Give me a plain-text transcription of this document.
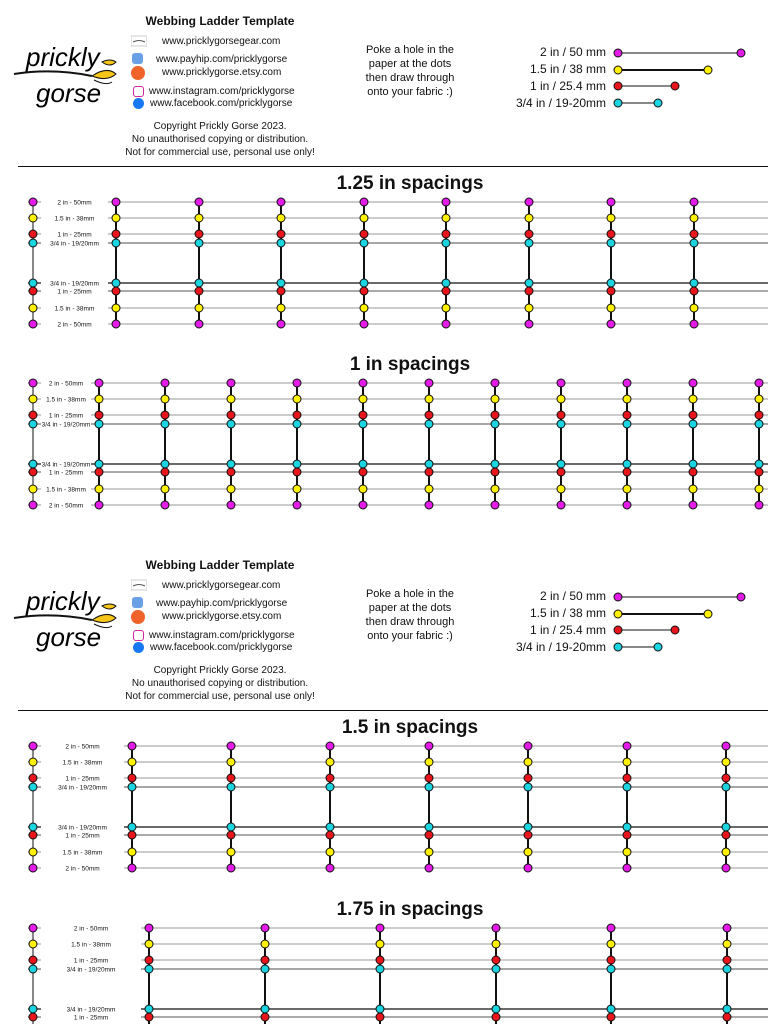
Webbing Ladder Template
prickly
gorse
www.pricklygorsegear.com
www.payhip.com/pricklygorse
www.pricklygorse.etsy.com
www.instagram.com/pricklygorse
www.facebook.com/pricklygorse
Copyright Prickly Gorse 2023.
No unauthorised copying or distribution.
Not for commercial use, personal use only!
Poke a hole in the
paper at the dots
then draw through
onto your fabric :)
2 in / 50 mm
1.5 in / 38 mm
1 in / 25.4 mm
3/4 in / 19-20mm
Webbing Ladder Template
prickly
gorse
www.pricklygorsegear.com
www.payhip.com/pricklygorse
www.pricklygorse.etsy.com
www.instagram.com/pricklygorse
www.facebook.com/pricklygorse
Copyright Prickly Gorse 2023.
No unauthorised copying or distribution.
Not for commercial use, personal use only!
Poke a hole in the
paper at the dots
then draw through
onto your fabric :)
2 in / 50 mm
1.5 in / 38 mm
1 in / 25.4 mm
3/4 in / 19-20mm
1.25 in spacings
1 in spacings
1.5 in spacings
1.75 in spacings
2 in - 50mm
1.5 in - 38mm
1 in - 25mm
3/4 in - 19/20mm
3/4 in - 19/20mm
1 in - 25mm
1.5 in - 38mm
2 in - 50mm
2 in - 50mm
1.5 in - 38mm
1 in - 25mm
3/4 in - 19/20mm
3/4 in - 19/20mm
1 in - 25mm
1.5 in - 38mm
2 in - 50mm
2 in - 50mm
1.5 in - 38mm
1 in - 25mm
3/4 in - 19/20mm
3/4 in - 19/20mm
1 in - 25mm
1.5 in - 38mm
2 in - 50mm
2 in - 50mm
1.5 in - 38mm
1 in - 25mm
3/4 in - 19/20mm
3/4 in - 19/20mm
1 in - 25mm
